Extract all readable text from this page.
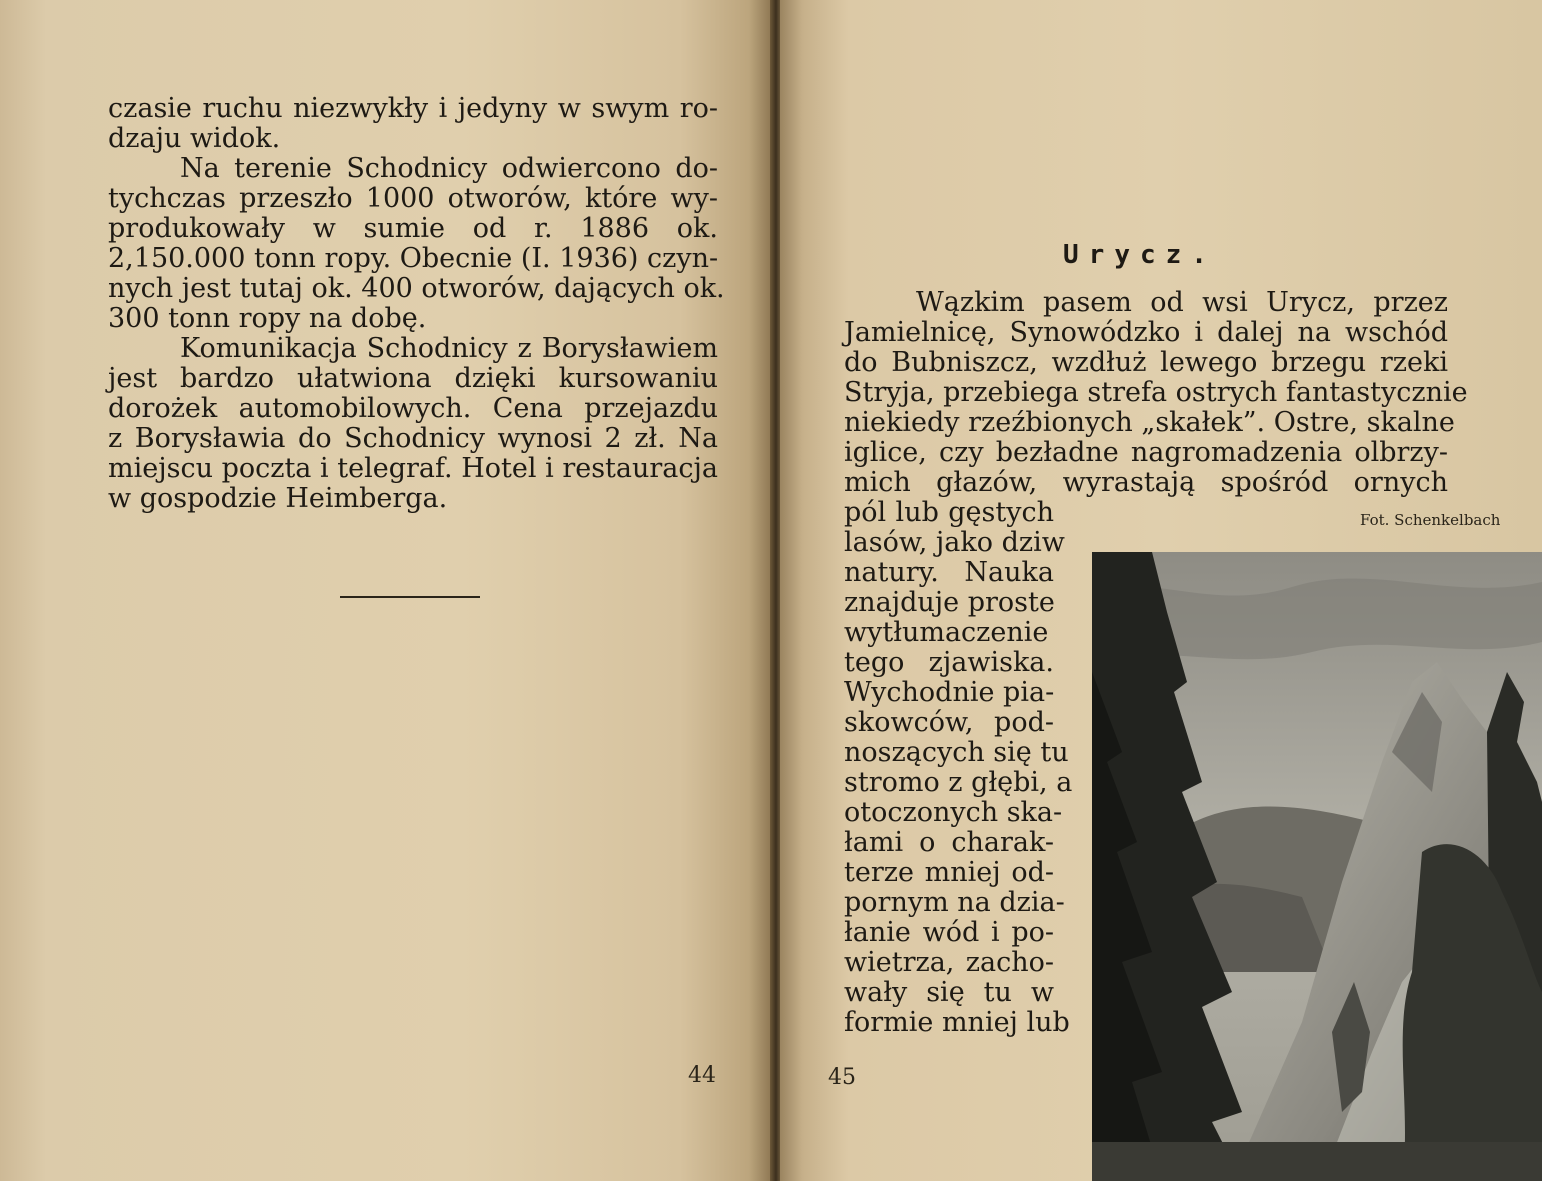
czasie ruchu niezwykły i jedyny w swym ro-
dzaju widok.
Na terenie Schodnicy odwiercono do-
tychczas przeszło 1000 otworów, które wy-
produkowały w sumie od r. 1886 ok.
2,150.000 tonn ropy. Obecnie (I. 1936) czyn-
nych jest tutaj ok. 400 otworów, dających ok.
300 tonn ropy na dobę.
Komunikacja Schodnicy z Borysławiem
jest bardzo ułatwiona dzięki kursowaniu
dorożek automobilowych. Cena przejazdu
z Borysławia do Schodnicy wynosi 2 zł. Na
miejscu poczta i telegraf. Hotel i restauracja
w gospodzie Heimberga.
44
Urycz.
Wązkim pasem od wsi Urycz, przez
Jamielnicę, Synowódzko i dalej na wschód
do Bubniszcz, wzdłuż lewego brzegu rzeki
Stryja, przebiega strefa ostrych fantastycznie
niekiedy rzeźbionych „skałek”. Ostre, skalne
iglice, czy bezładne nagromadzenia olbrzy-
mich głazów, wyrastają spośród ornych
pól lub gęstych
lasów, jako dziw
natury. Nauka
znajduje proste
wytłumaczenie
tego zjawiska.
Wychodnie pia-
skowców, pod-
noszących się tu
stromo z głębi, a
otoczonych ska-
łami o charak-
terze mniej od-
pornym na dzia-
łanie wód i po-
wietrza, zacho-
wały się tu w
formie mniej lub
Fot. Schenkelbach
45
